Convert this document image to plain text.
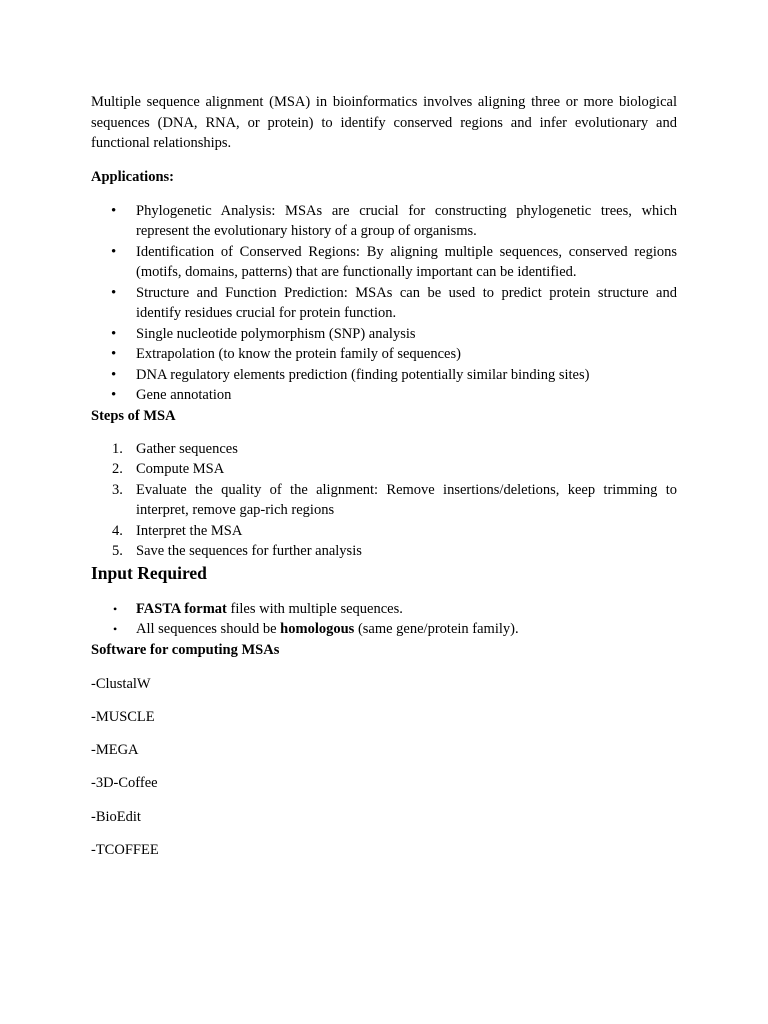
Multiple sequence alignment (MSA) in bioinformatics involves aligning three or more biological sequences (DNA, RNA, or protein) to identify conserved regions and infer evolutionary and functional relationships.

Applications:

• Phylogenetic Analysis: MSAs are crucial for constructing phylogenetic trees, which represent the evolutionary history of a group of organisms.
• Identification of Conserved Regions: By aligning multiple sequences, conserved regions (motifs, domains, patterns) that are functionally important can be identified.
• Structure and Function Prediction: MSAs can be used to predict protein structure and identify residues crucial for protein function.
• Single nucleotide polymorphism (SNP) analysis
• Extrapolation (to know the protein family of sequences)
• DNA regulatory elements prediction (finding potentially similar binding sites)
• Gene annotation

Steps of MSA

1. Gather sequences
2. Compute MSA
3. Evaluate the quality of the alignment: Remove insertions/deletions, keep trimming to interpret, remove gap-rich regions
4. Interpret the MSA
5. Save the sequences for further analysis

Input Required

• FASTA format files with multiple sequences.
• All sequences should be homologous (same gene/protein family).

Software for computing MSAs

-ClustalW

-MUSCLE

-MEGA

-3D-Coffee

-BioEdit

-TCOFFEE
